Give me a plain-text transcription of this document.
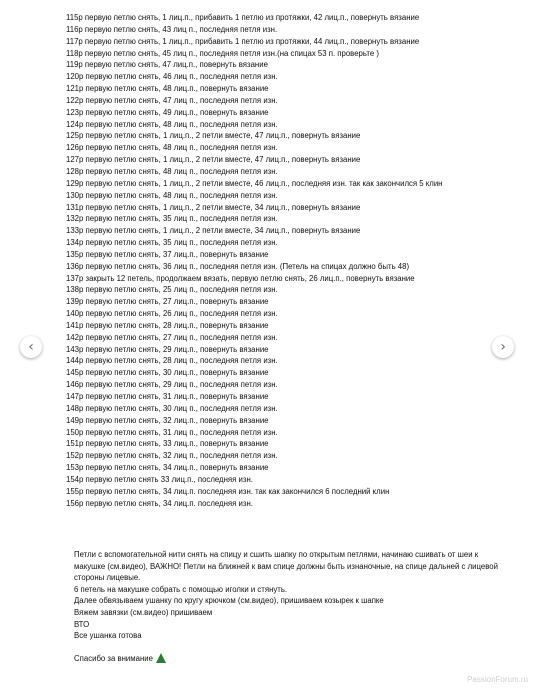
115р первую петлю снять, 1 лиц.п., прибавить 1 петлю из протяжки, 42 лиц.п., повернуть вязание
116р первую петлю снять, 43 лиц п., последняя петля изн.
117р первую петлю снять, 1 лиц.п., прибавить 1 петлю из протяжки, 44 лиц.п., повернуть вязание
118р первую петлю снять, 45 лиц п., последняя петля изн.(на спицах 53 п. проверьте )
119р первую петлю снять, 47 лиц.п., повернуть вязание
120р первую петлю снять, 46 лиц п., последняя петля изн.
121р первую петлю снять, 48 лиц.п., повернуть вязание
122р первую петлю снять, 47 лиц п., последняя петля изн.
123р первую петлю снять, 49 лиц.п., повернуть вязание
124р первую петлю снять, 48 лиц п., последняя петля изн.
125р первую петлю снять, 1 лиц.п., 2 петли вместе, 47 лиц.п., повернуть вязание
126р первую петлю снять, 48 лиц п., последняя петля изн.
127р первую петлю снять, 1 лиц.п., 2 петли вместе, 47 лиц.п., повернуть вязание
128р первую петлю снять, 48 лиц п., последняя петля изн.
129р первую петлю снять, 1 лиц.п., 2 петли вместе, 46 лиц.п., последняя изн. так как закончился 5 клин
130р первую петлю снять, 48 лиц п., последняя петля изн.
131р первую петлю снять, 1 лиц.п., 2 петли вместе, 34 лиц.п., повернуть вязание
132р первую петлю снять, 35 лиц п., последняя петля изн.
133р первую петлю снять, 1 лиц.п., 2 петли вместе, 34 лиц.п., повернуть вязание
134р первую петлю снять, 35 лиц п., последняя петля изн.
135р первую петлю снять, 37 лиц.п., повернуть вязание
136р первую петлю снять, 36 лиц п., последняя петля изн. (Петель на спицах должно быть 48)
137р закрыть 12 петель, продолжаем вязать, первую петлю снять, 26 лиц.п., повернуть вязание
138р первую петлю снять, 25 лиц п., последняя петля изн.
139р первую петлю снять, 27 лиц.п., повернуть вязание
140р первую петлю снять, 26 лиц п., последняя петля изн.
141р первую петлю снять, 28 лиц.п., повернуть вязание
142р первую петлю снять, 27 лиц п., последняя петля изн.
143р первую петлю снять, 29 лиц.п., повернуть вязание
144р первую петлю снять, 28 лиц п., последняя петля изн.
145р первую петлю снять, 30 лиц.п., повернуть вязание
146р первую петлю снять, 29 лиц п., последняя петля изн.
147р первую петлю снять, 31 лиц.п., повернуть вязание
148р первую петлю снять, 30 лиц п., последняя петля изн.
149р первую петлю снять, 32 лиц.п., повернуть вязание
150р первую петлю снять, 31 лиц п., последняя петля изн.
151р первую петлю снять, 33 лиц.п., повернуть вязание
152р первую петлю снять, 32 лиц п., последняя петля изн.
153р первую петлю снять, 34 лиц.п., повернуть вязание
154р первую петлю снять 33 лиц.п., последняя изн.
155р первую петлю снять, 34 лиц.п. последняя изн. так как закончился 6 последний клин
156р первую петлю снять, 34 лиц.п. последняя изн.

Петли с вспомогательной нити снять на спицу и сшить шапку по открытым петлями, начинаю сшивать от шеи к макушке (см.видео), ВАЖНО! Петли на ближней к вам спице должны быть изнаночные, на спице дальней с лицевой стороны лицевые.

6 петель на макушке собрать с помощью иголки и стянуть.

Далее обвязываем ушанку по кругу крючком (см.видео), пришиваем козырек к шапке

Вяжем завязки (см.видео) пришиваем

ВТО

Все ушанка готова

Спасибо за внимание

‹	›
PassionForum.ru
